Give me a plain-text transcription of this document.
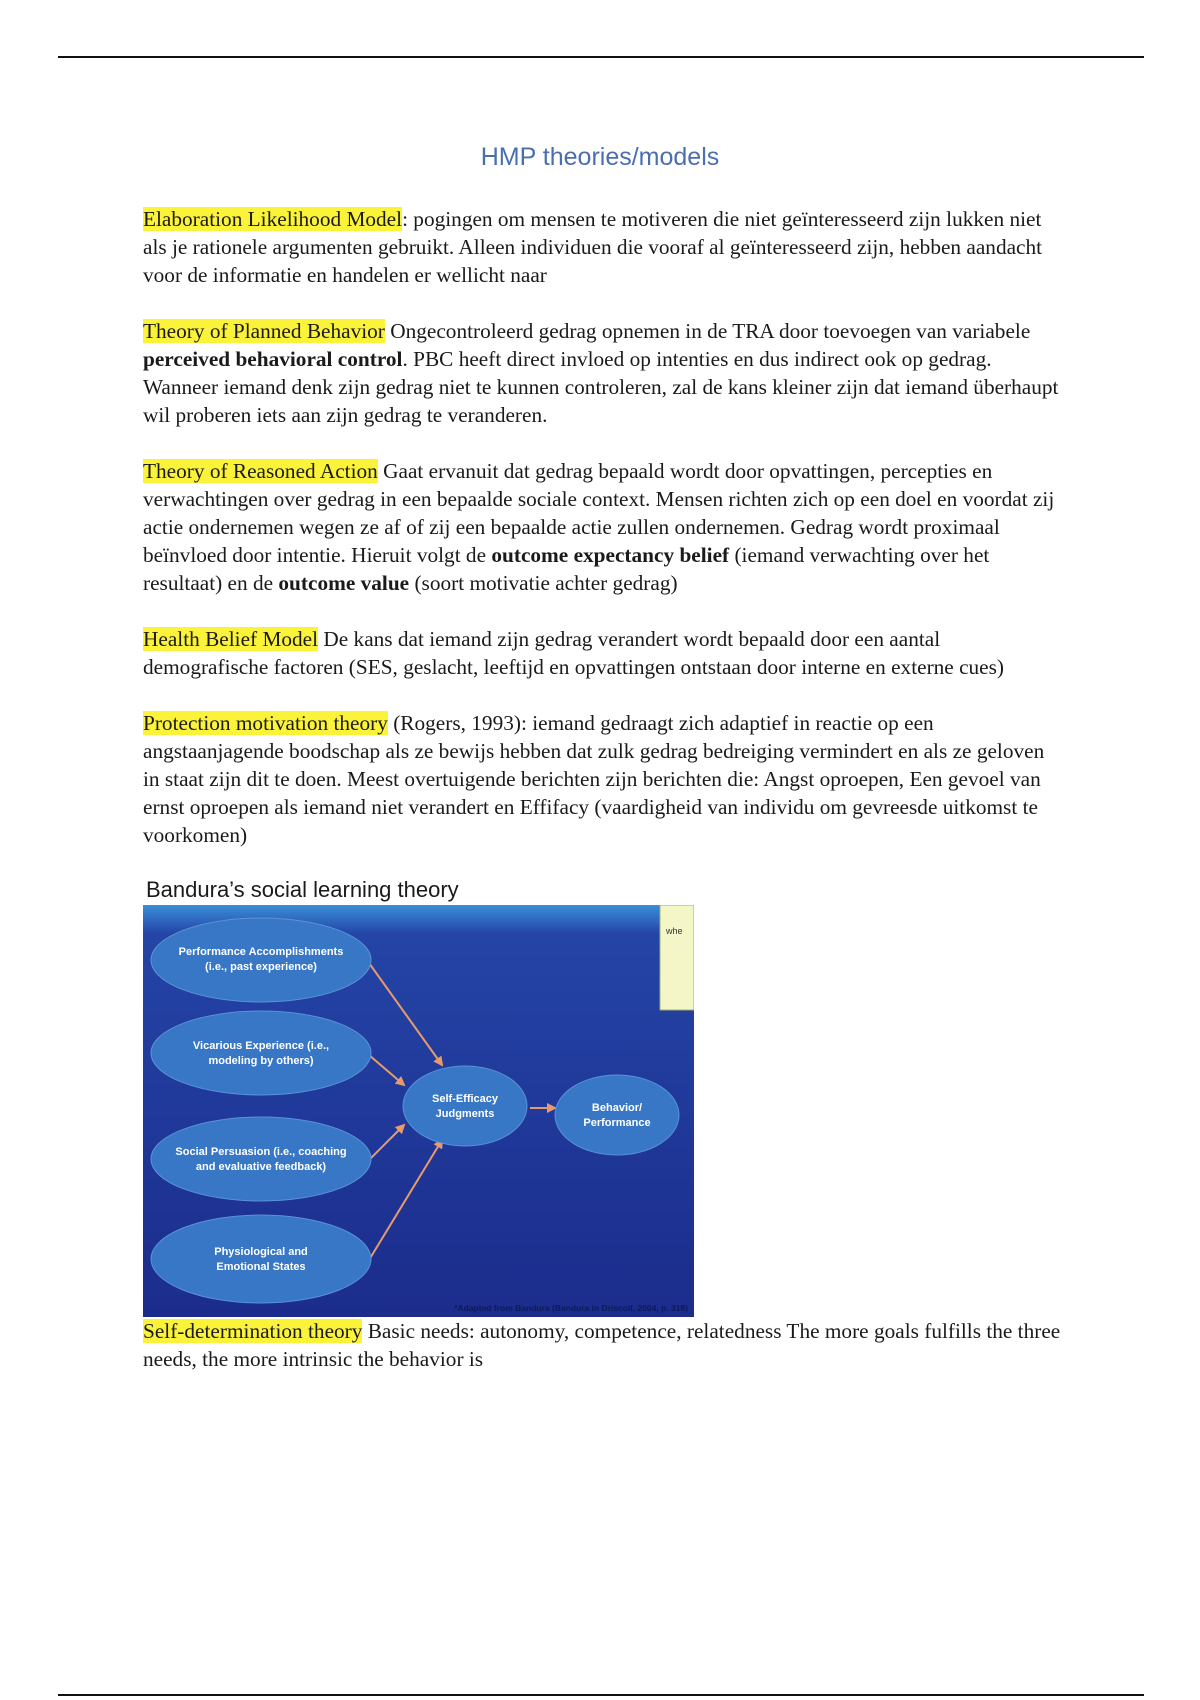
HMP theories/models

Elaboration Likelihood Model: pogingen om mensen te motiveren die niet geïnteresseerd zijn lukken niet als je rationele argumenten gebruikt. Alleen individuen die vooraf al geïnteresseerd zijn, hebben aandacht voor de informatie en handelen er wellicht naar

Theory of Planned Behavior Ongecontroleerd gedrag opnemen in de TRA door toevoegen van variabele perceived behavioral control. PBC heeft direct invloed op intenties en dus indirect ook op gedrag. Wanneer iemand denk zijn gedrag niet te kunnen controleren, zal de kans kleiner zijn dat iemand überhaupt wil proberen iets aan zijn gedrag te veranderen.

Theory of Reasoned Action Gaat ervanuit dat gedrag bepaald wordt door opvattingen, percepties en verwachtingen over gedrag in een bepaalde sociale context. Mensen richten zich op een doel en voordat zij actie ondernemen wegen ze af of zij een bepaalde actie zullen ondernemen. Gedrag wordt proximaal beïnvloed door intentie. Hieruit volgt de outcome expectancy belief (iemand verwachting over het resultaat) en de outcome value (soort motivatie achter gedrag)

Health Belief Model De kans dat iemand zijn gedrag verandert wordt bepaald door een aantal demografische factoren (SES, geslacht, leeftijd en opvattingen ontstaan door interne en externe cues)

Protection motivation theory (Rogers, 1993): iemand gedraagt zich adaptief in reactie op een angstaanjagende boodschap als ze bewijs hebben dat zulk gedrag bedreiging vermindert en als ze geloven in staat zijn dit te doen. Meest overtuigende berichten zijn berichten die: Angst oproepen, Een gevoel van ernst oproepen als iemand niet verandert en Effifacy (vaardigheid van individu om gevreesde uitkomst te voorkomen)

Bandura’s social learning theory
whe
Performance Accomplishments
(i.e., past experience)
Vicarious Experience (i.e.,
modeling by others)
Social Persuasion (i.e., coaching
and evaluative feedback)
Physiological and
Emotional States
Self-Efficacy
Judgments	Behavior/
Performance
*Adapted from Bandura (Bandura in Driscoll, 2004, p. 318)

Self-determination theory Basic needs: autonomy, competence, relatedness The more goals fulfills the three needs, the more intrinsic the behavior is
